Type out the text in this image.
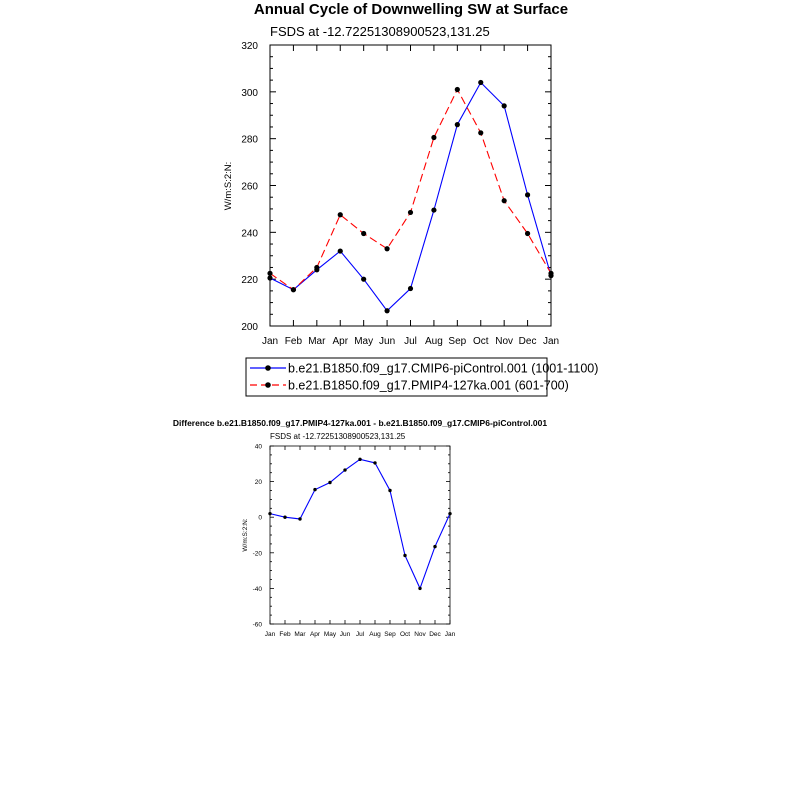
Annual Cycle of Downwelling SW at Surface
FSDS at -12.72251308900523,131.25
W/m:S:2:N:
200
220
240
260
280
300
320
Jan Feb Mar Apr May Jun Jul Aug Sep Oct Nov Dec Jan
b.e21.B1850.f09_g17.CMIP6-piControl.001 (1001-1100)
b.e21.B1850.f09_g17.PMIP4-127ka.001 (601-700)
Difference b.e21.B1850.f09_g17.PMIP4-127ka.001 - b.e21.B1850.f09_g17.CMIP6-piControl.001
FSDS at -12.72251308900523,131.25
W/m:S:2:N:
-60
-40
-20
0
20
40
Jan Feb Mar Apr May Jun Jul Aug Sep Oct Nov Dec Jan
